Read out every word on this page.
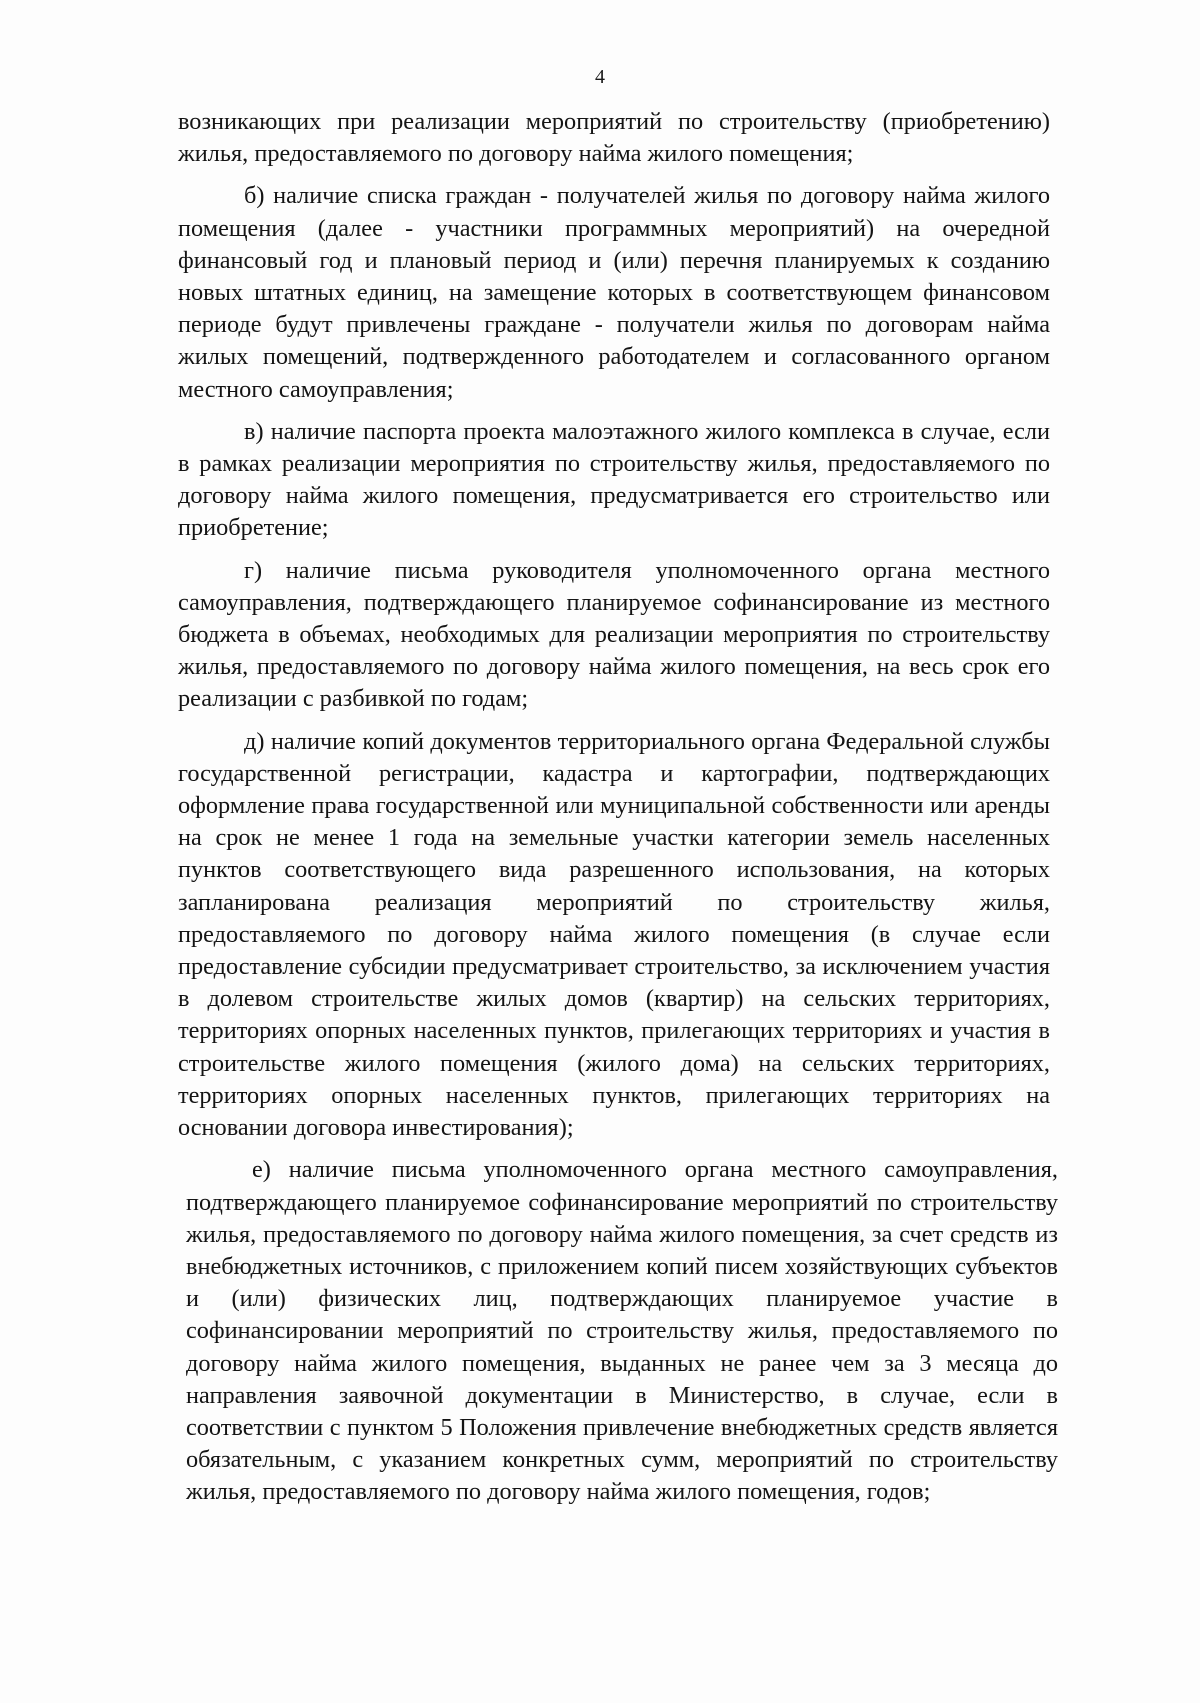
4

возникающих при реализации мероприятий по строительству (приобретению) жилья, предоставляемого по договору найма жилого помещения;

б) наличие списка граждан - получателей жилья по договору найма жилого помещения (далее - участники программных мероприятий) на очередной финансовый год и плановый период и (или) перечня планируемых к созданию новых штатных единиц, на замещение которых в соответствующем финансовом периоде будут привлечены граждане - получатели жилья по договорам найма жилых помещений, подтвержденного работодателем и согласованного органом местного самоуправления;

в) наличие паспорта проекта малоэтажного жилого комплекса в случае, если в рамках реализации мероприятия по строительству жилья, предоставляемого по договору найма жилого помещения, предусматривается его строительство или приобретение;

г) наличие письма руководителя уполномоченного органа местного самоуправления, подтверждающего планируемое софинансирование из местного бюджета в объемах, необходимых для реализации мероприятия по строительству жилья, предоставляемого по договору найма жилого помещения, на весь срок его реализации с разбивкой по годам;

д) наличие копий документов территориального органа Федеральной службы государственной регистрации, кадастра и картографии, подтверждающих оформление права государственной или муниципальной собственности или аренды на срок не менее 1 года на земельные участки категории земель населенных пунктов соответствующего вида разрешенного использования, на которых запланирована реализация мероприятий по строительству жилья, предоставляемого по договору найма жилого помещения (в случае если предоставление субсидии предусматривает строительство, за исключением участия в долевом строительстве жилых домов (квартир) на сельских территориях, территориях опорных населенных пунктов, прилегающих территориях и участия в строительстве жилого помещения (жилого дома) на сельских территориях, территориях опорных населенных пунктов, прилегающих территориях на основании договора инвестирования);

е) наличие письма уполномоченного органа местного самоуправления, подтверждающего планируемое софинансирование мероприятий по строительству жилья, предоставляемого по договору найма жилого помещения, за счет средств из внебюджетных источников, с приложением копий писем хозяйствующих субъектов и (или) физических лиц, подтверждающих планируемое участие в софинансировании мероприятий по строительству жилья, предоставляемого по договору найма жилого помещения, выданных не ранее чем за 3 месяца до направления заявочной документации в Министерство, в случае, если в соответствии с пунктом 5 Положения привлечение внебюджетных средств является обязательным, с указанием конкретных сумм, мероприятий по строительству жилья, предоставляемого по договору найма жилого помещения, годов;
